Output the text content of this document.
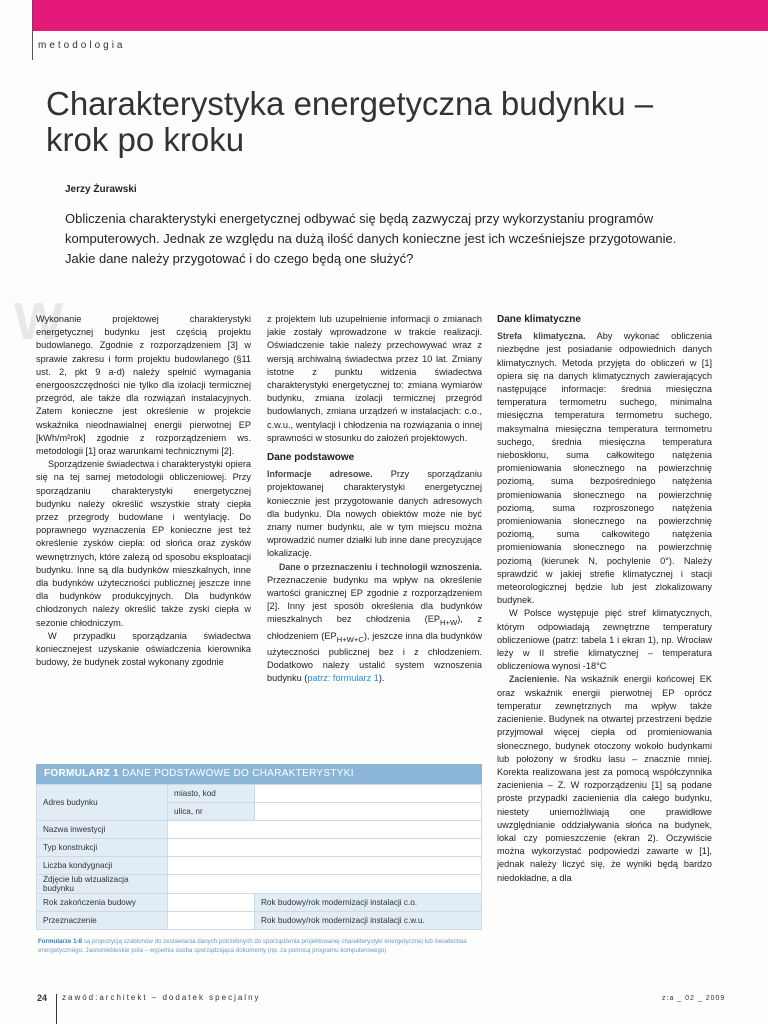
metodologia
Charakterystyka energetyczna budynku – krok po kroku
Jerzy Żurawski
Obliczenia charakterystyki energetycznej odbywać się będą zazwyczaj przy wykorzystaniu programów komputerowych. Jednak ze względu na dużą ilość danych konieczne jest ich wcześniejsze przygotowanie. Jakie dane należy przygotować i do czego będą one służyć?
W

Wykonanie projektowej charakterystyki energetycznej budynku jest częścią projektu budowlanego. Zgodnie z rozporządzeniem [3] w sprawie zakresu i form projektu budowlanego (§11 ust. 2, pkt 9 a-d) należy spełnić wymagania energooszczędności nie tylko dla izolacji termicznej przegród, ale także dla rozwiązań instalacyjnych. Zatem konieczne jest określenie w projekcie wskaźnika nieodnawialnej energii pierwotnej EP [kWh/m²rok] zgodnie z rozporządzeniem ws. metodologii [1] oraz warunkami technicznymi [2].

Sporządzenie świadectwa i charakterystyki opiera się na tej samej metodologii obliczeniowej. Przy sporządzaniu charakterystyki energetycznej budynku należy określić wszystkie straty ciepła przez przegrody budowlane i wentylację. Do poprawnego wyznaczenia EP konieczne jest też określenie zysków ciepła: od słońca oraz zysków wewnętrznych, które zależą od sposobu eksploatacji budynku. Inne są dla budynków mieszkalnych, inne dla budynków użyteczności publicznej jeszcze inne dla budynków produkcyjnych. Dla budynków chłodzonych należy określić także zyski ciepła w sezonie chłodniczym.

W przypadku sporządzania świadectwa koniecznejest uzyskanie oświadczenia kierownika budowy, że budynek został wykonany zgodnie

z projektem lub uzupełnienie informacji o zmianach jakie zostały wprowadzone w trakcie realizacji. Oświadczenie takie należy przechowywać wraz z wersją archiwalną świadectwa przez 10 lat. Zmiany istotne z punktu widzenia świadectwa charakterystyki energetycznej to: zmiana wymiarów budynku, zmiana izolacji termicznej przegród budowlanych, zmiana urządzeń w instalacjach: c.o., c.w.u., wentylacji i chłodzenia na rozwiązania o innej sprawności w stosunku do założeń projektowych.

Dane podstawowe

Informacje adresowe. Przy sporządzaniu projektowanej charakterystyki energetycznej koniecznie jest przygotowanie danych adresowych dla budynku. Dla nowych obiektów może nie być znany numer budynku, ale w tym miejscu można wprowadzić numer działki lub inne dane precyzujące lokalizację.

Dane o przeznaczeniu i technologii wznoszenia. Przeznaczenie budynku ma wpływ na określenie wartości granicznej EP zgodnie z rozporządzeniem [2]. Inny jest sposób określenia dla budynków mieszkalnych bez chłodzenia $(EP_{H+W})$, z chłodzeniem $(EP_{H+W+C})$, jeszcze inna dla budynków użyteczności publicznej bez i z chłodzeniem. Dodatkowo należy ustalić system wznoszenia budynku (patrz: formularz 1).

Dane klimatyczne

Strefa klimatyczna. Aby wykonać obliczenia niezbędne jest posiadanie odpowiednich danych klimatycznych. Metoda przyjęta do obliczeń w [1] opiera się na danych klimatycznych zawierających następujące informacje: średnia miesięczna temperatura termometru suchego, minimalna miesięczna temperatura termometru suchego, maksymalna miesięczna temperatura termometru suchego, średnia miesięczna temperatura nieboskłonu, suma całkowitego natężenia promieniowania słonecznego na powierzchnię poziomą, suma bezpośredniego natężenia promieniowania słonecznego na powierzchnię poziomą, suma rozproszonego natężenia promieniowania słonecznego na powierzchnię poziomą, suma całkowitego natężenia promieniowania słonecznego na powierzchnię poziomą (kierunek N, pochylenie 0°). Należy sprawdzić w jakiej strefie klimatycznej i stacji meteorologicznej będzie lub jest zlokalizowany budynek.

W Polsce występuje pięć stref klimatycznych, którym odpowiadają zewnętrzne temperatury obliczeniowe (patrz: tabela 1 i ekran 1), np. Wrocław leży w II strefie klimatycznej – temperatura obliczeniowa wynosi -18°C

Zacienienie. Na wskaźnik energii końcowej EK oraz wskaźnik energii pierwotnej EP oprócz temperatur zewnętrznych ma wpływ także zacienienie. Budynek na otwartej przestrzeni będzie przyjmował więcej ciepła od promieniowania słonecznego, budynek otoczony wokoło budynkami lub położony w środku lasu – znacznie mniej. Korekta realizowana jest za pomocą współczynnika zacienienia – Z. W rozporządzeniu [1] są podane proste przypadki zacienienia dla całego budynku, niestety uniemożliwiają one prawidłowe uwzględnianie oddziaływania słońca na budynek, lokal czy pomieszczenie (ekran 2). Oczywiście można wykorzystać podpowiedzi zawarte w [1], jednak należy liczyć się, że wyniki będą bardzo niedokładne, a dla

FORMULARZ 1 DANE PODSTAWOWE DO CHARAKTERYSTYKI
Adres budynku	miasto, kod	
	ulica, nr	
Nazwa inwestycji		
Typ konstrukcji		
Liczba kondygnacji		
Zdjęcie lub wizualizacja budynku		
Rok zakończenia budowy		Rok budowy/rok modernizacji instalacji c.o.
Przeznaczenie		Rok budowy/rok modernizacji instalacji c.w.u.
Formularze 1-8 są propozycją szablonów do zestawiania danych potrzebnych do sporządzenia projektowanej charakterystyki energetycznej lub świadectwa energetycznego. Jasnoniebieskie pola – wypełnia osoba sporządzająca dokumenty (np. za pomocą programu komputerowego)
24 zawód:architekt – dodatek specjalny	z:a _ 02 _ 2009
